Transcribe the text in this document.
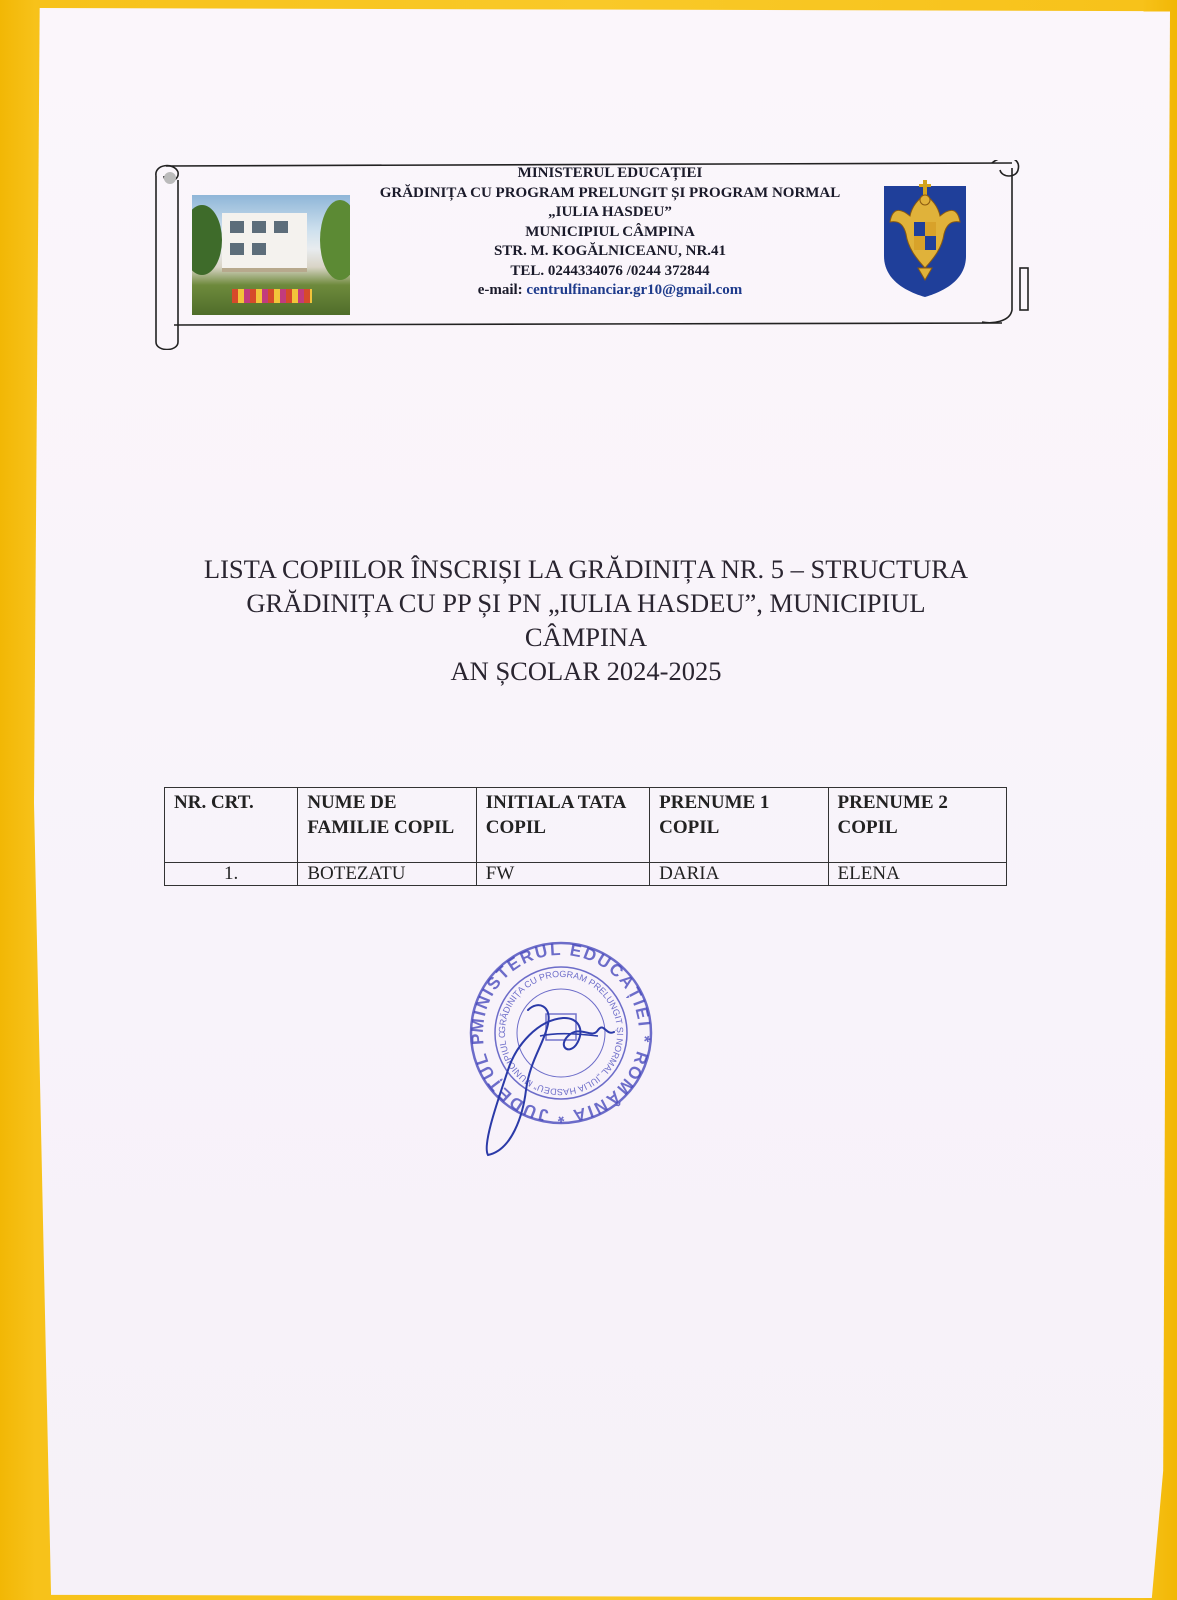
MINISTERUL EDUCAȚIEI
GRĂDINIȚA CU PROGRAM PRELUNGIT ȘI PROGRAM NORMAL
„IULIA HASDEU”
MUNICIPIUL CÂMPINA
STR. M. KOGĂLNICEANU, NR.41
TEL. 0244334076 /0244 372844
e-mail: centrulfinanciar.gr10@gmail.com
LISTA COPIILOR ÎNSCRIȘI LA GRĂDINIȚA NR. 5 – STRUCTURA
GRĂDINIȚA CU PP ȘI PN „IULIA HASDEU”, MUNICIPIUL
CÂMPINA
AN ȘCOLAR 2024-2025
NR. CRT.	NUME DE FAMILIE COPIL	INITIALA TATA COPIL	PRENUME 1 COPIL	PRENUME 2 COPIL
1.	BOTEZATU	FW	DARIA	ELENA
MINISTERUL EDUCAȚIEI * ROMÂNIA * JUDEȚUL P
GRĂDINIȚA CU PROGRAM PRELUNGIT ȘI NORMAL „IULIA HASDEU” MUNICIPIUL C
